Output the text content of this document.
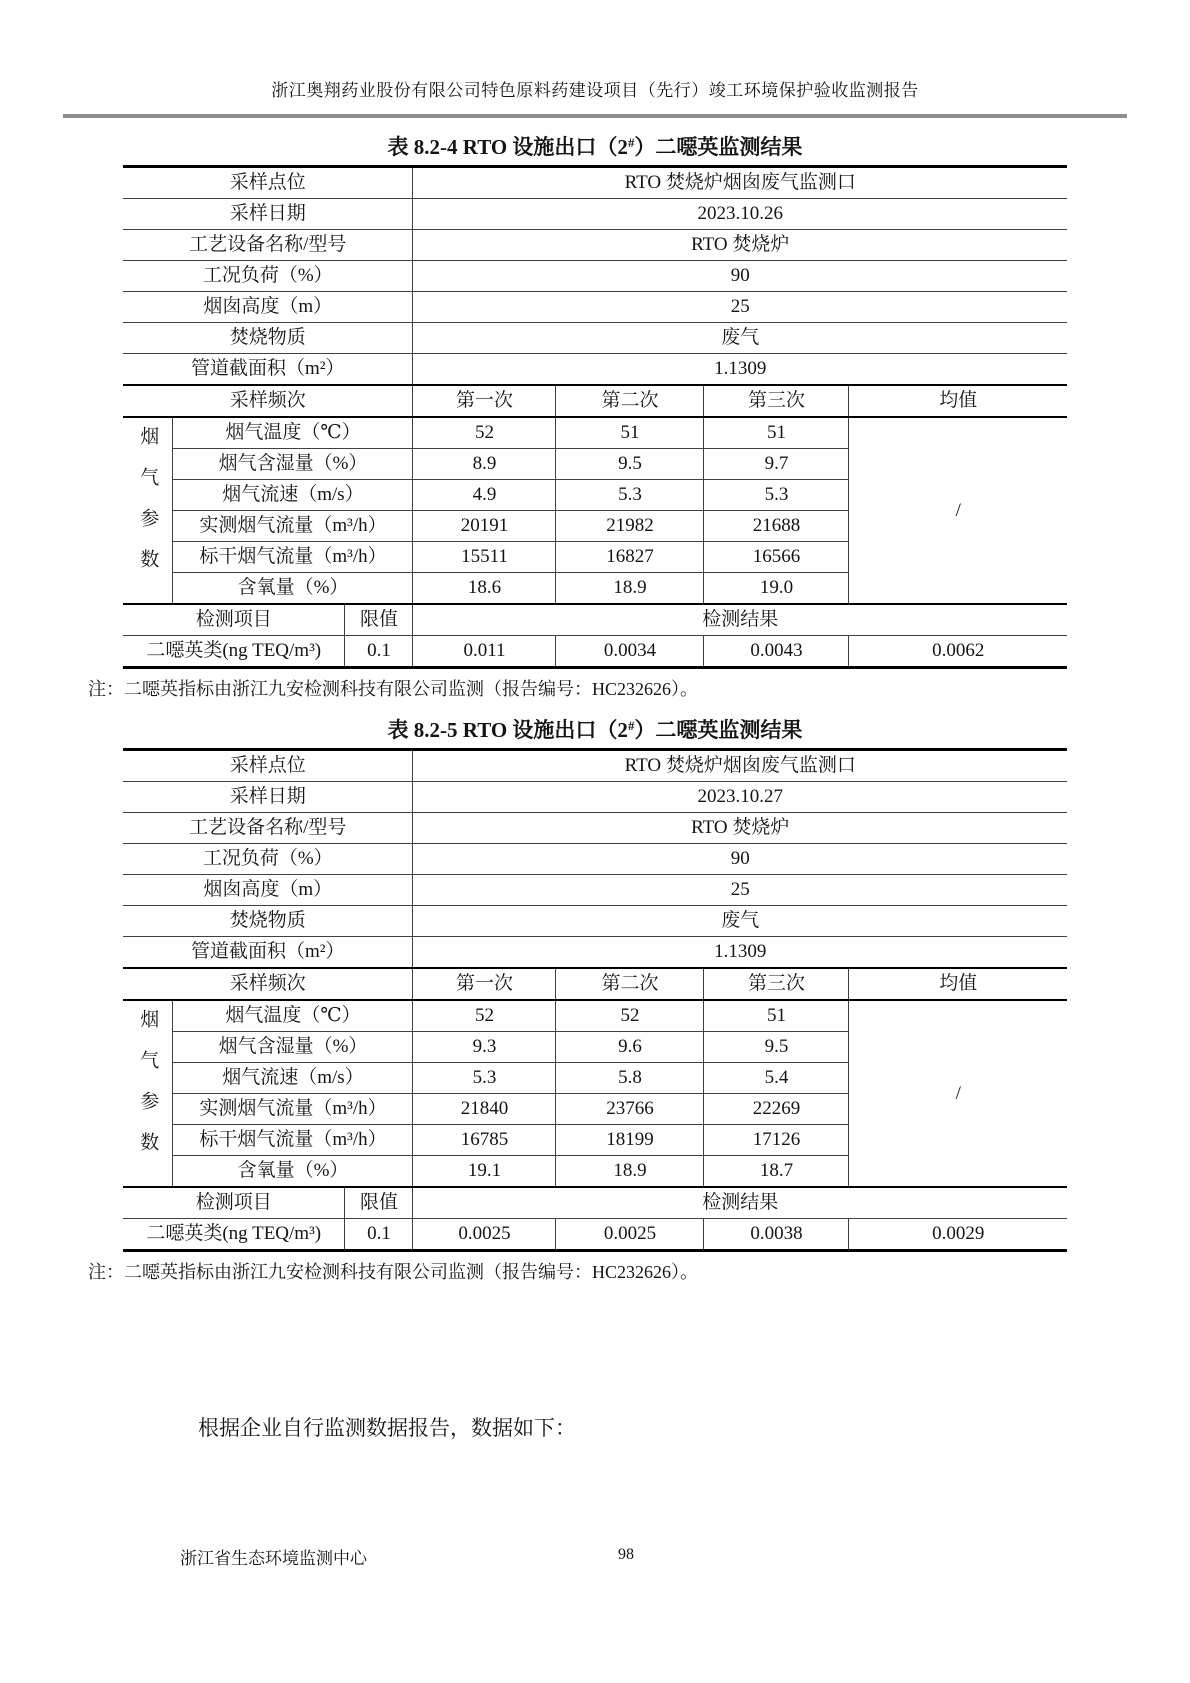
浙江奥翔药业股份有限公司特色原料药建设项目（先行）竣工环境保护验收监测报告
表 8.2-4 RTO 设施出口（2#）二噁英监测结果
采样点位			RTO 焚烧炉烟囱废气监测口			
采样日期			2023.10.26			
工艺设备名称/型号			RTO 焚烧炉			
工况负荷（%）			90			
烟囱高度（m）			25			
焚烧物质			废气			
管道截面积（m²）			1.1309			
采样频次			第一次	第二次	第三次	均值
烟气参数	烟气温度（℃）		52	51	51	/
	烟气含湿量（%）		8.9	9.5	9.7	
	烟气流速（m/s）		4.9	5.3	5.3	
	实测烟气流量（m³/h）		20191	21982	21688	
	标干烟气流量（m³/h）		15511	16827	16566	
	含氧量（%）		18.6	18.9	19.0	
检测项目		限值	检测结果			
二噁英类(ng TEQ/m³)		0.1	0.011	0.0034	0.0043	0.0062
注：二噁英指标由浙江九安检测科技有限公司监测（报告编号：HC232626）。
表 8.2-5 RTO 设施出口（2#）二噁英监测结果
采样点位			RTO 焚烧炉烟囱废气监测口			
采样日期			2023.10.27			
工艺设备名称/型号			RTO 焚烧炉			
工况负荷（%）			90			
烟囱高度（m）			25			
焚烧物质			废气			
管道截面积（m²）			1.1309			
采样频次			第一次	第二次	第三次	均值
烟气参数	烟气温度（℃）		52	52	51	/
	烟气含湿量（%）		9.3	9.6	9.5	
	烟气流速（m/s）		5.3	5.8	5.4	
	实测烟气流量（m³/h）		21840	23766	22269	
	标干烟气流量（m³/h）		16785	18199	17126	
	含氧量（%）		19.1	18.9	18.7	
检测项目		限值	检测结果			
二噁英类(ng TEQ/m³)		0.1	0.0025	0.0025	0.0038	0.0029
注：二噁英指标由浙江九安检测科技有限公司监测（报告编号：HC232626）。
根据企业自行监测数据报告，数据如下：
浙江省生态环境监测中心	98
